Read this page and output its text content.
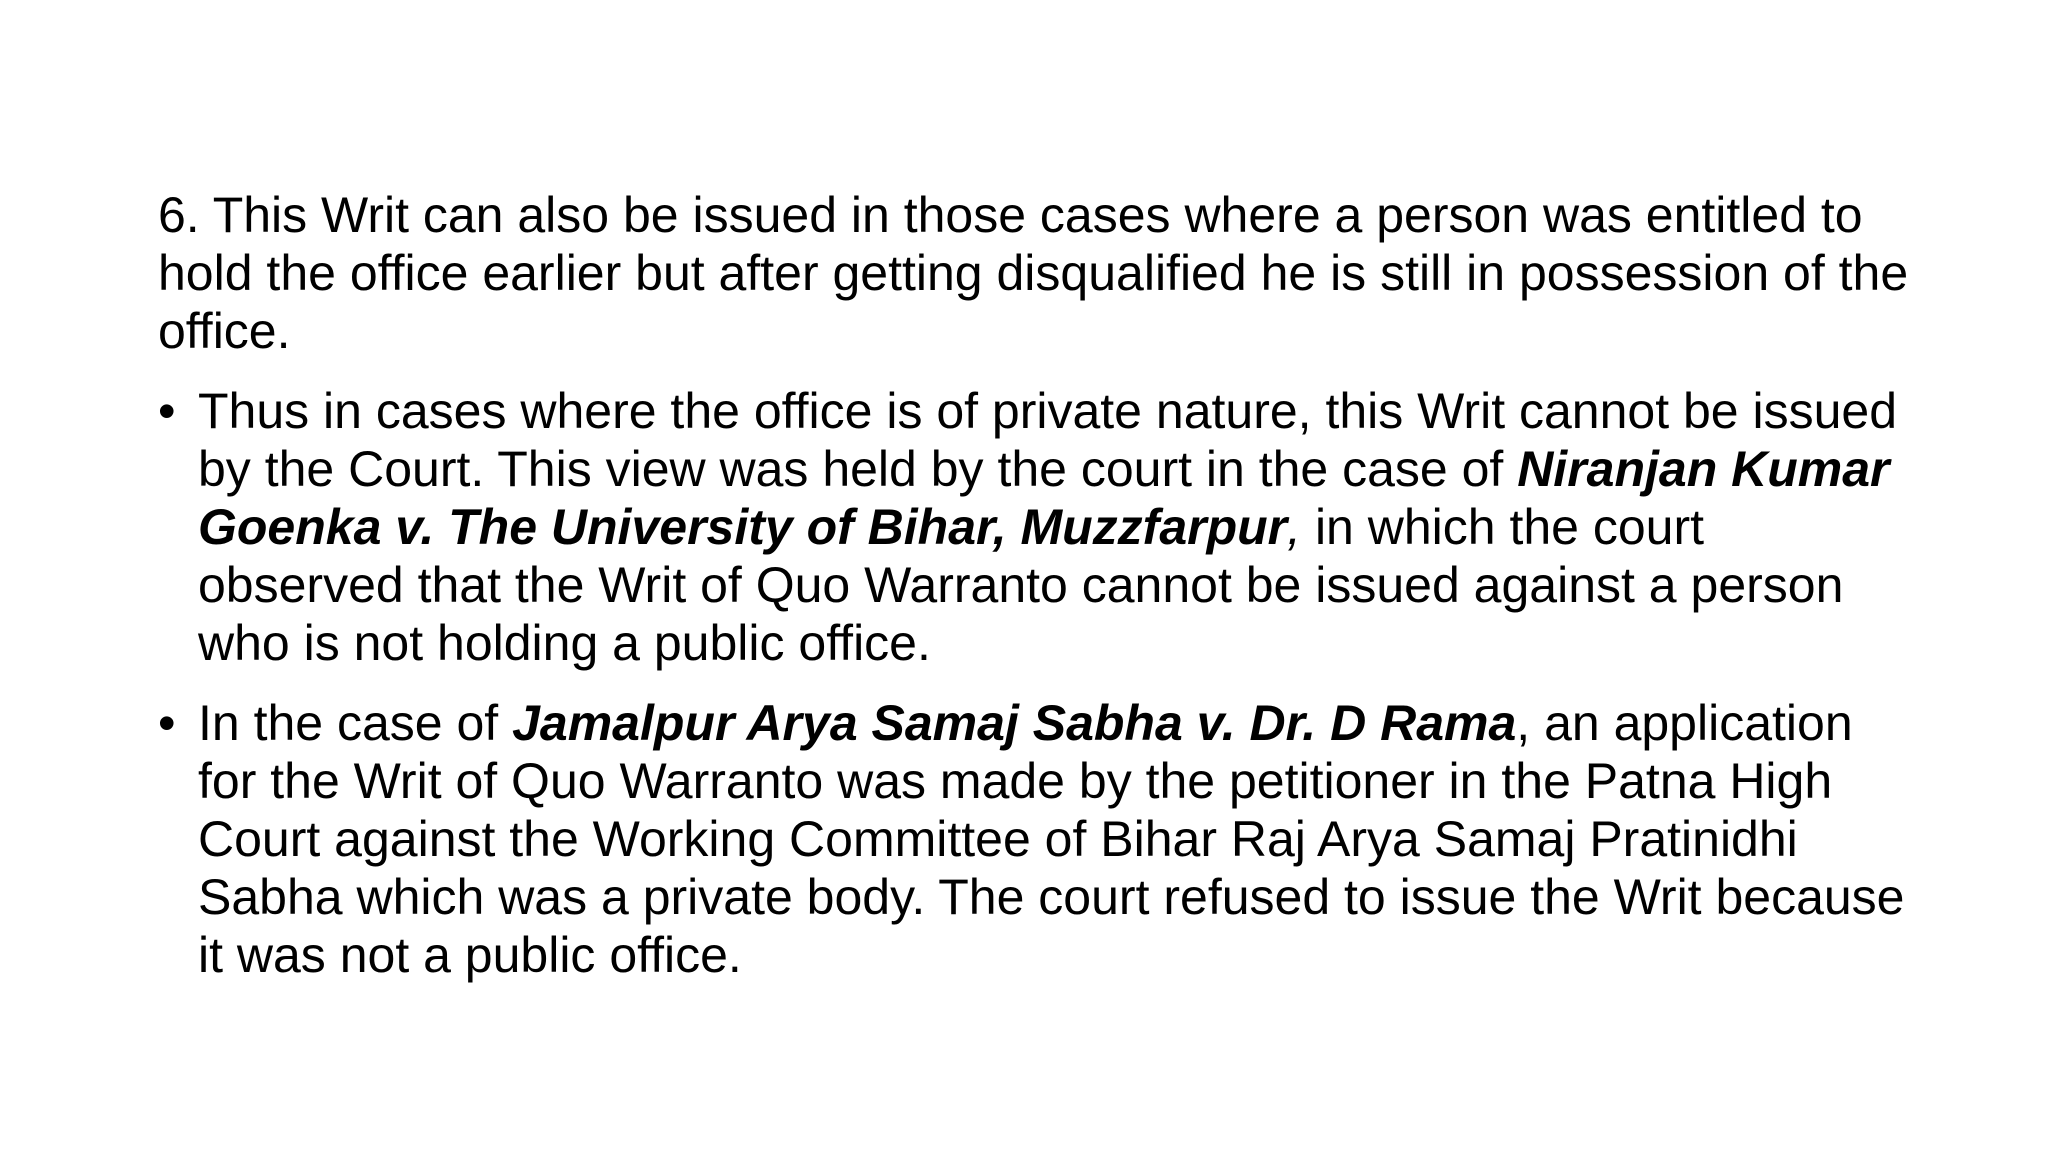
6. This Writ can also be issued in those cases where a person was entitled to hold the office earlier but after getting disqualified he is still in possession of the office.

• Thus in cases where the office is of private nature, this Writ cannot be issued by the Court. This view was held by the court in the case of Niranjan Kumar Goenka v. The University of Bihar, Muzzfarpur, in which the court observed that the Writ of Quo Warranto cannot be issued against a person who is not holding a public office.
• In the case of Jamalpur Arya Samaj Sabha v. Dr. D Rama, an application for the Writ of Quo Warranto was made by the petitioner in the Patna High Court against the Working Committee of Bihar Raj Arya Samaj Pratinidhi Sabha which was a private body. The court refused to issue the Writ because it was not a public office.
